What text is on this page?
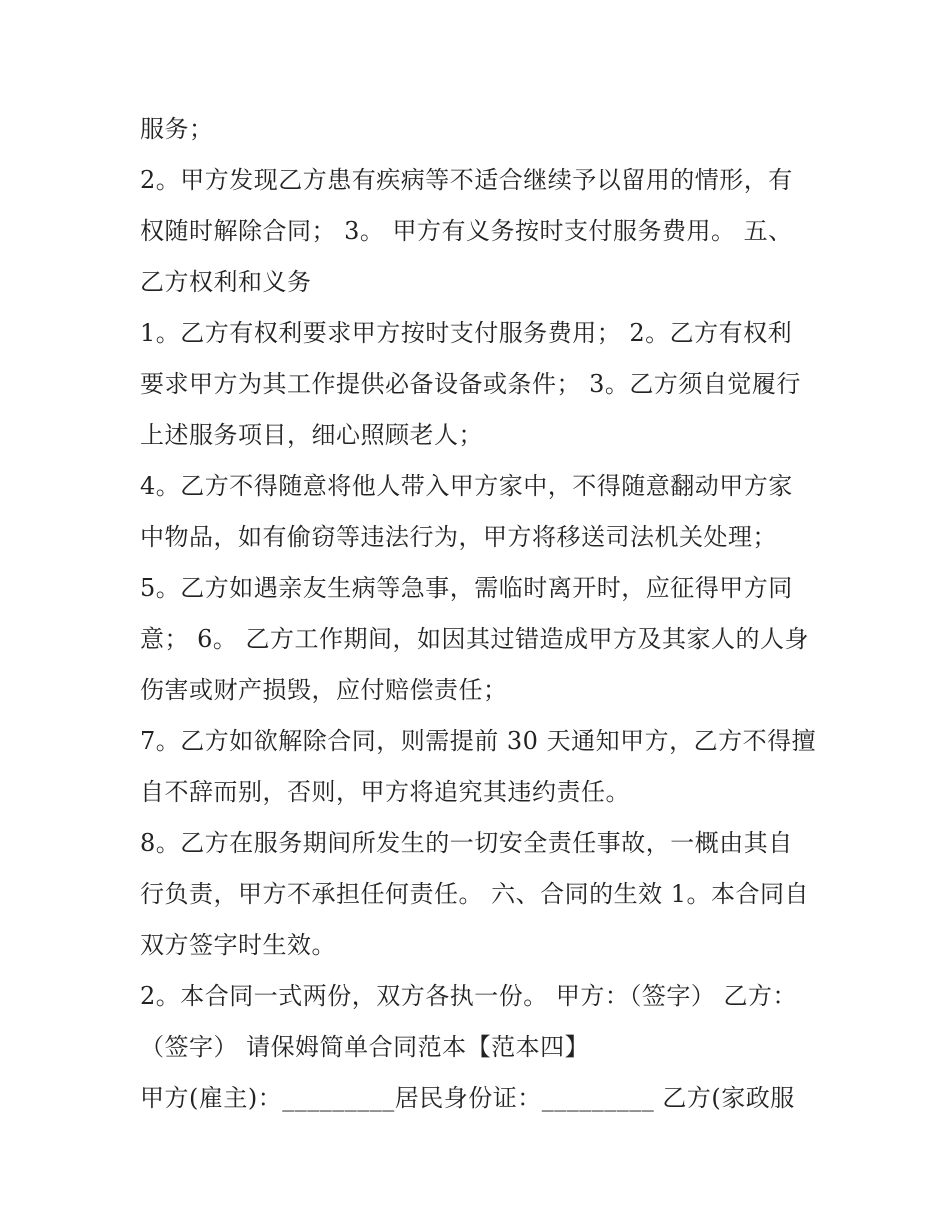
服务；
2。甲方发现乙方患有疾病等不适合继续予以留用的情形，有
权随时解除合同； 3。 甲方有义务按时支付服务费用。 五、
乙方权利和义务
1。乙方有权利要求甲方按时支付服务费用； 2。乙方有权利
要求甲方为其工作提供必备设备或条件； 3。乙方须自觉履行
上述服务项目，细心照顾老人；
4。乙方不得随意将他人带入甲方家中，不得随意翻动甲方家
中物品，如有偷窃等违法行为，甲方将移送司法机关处理；
5。乙方如遇亲友生病等急事，需临时离开时，应征得甲方同
意； 6。 乙方工作期间，如因其过错造成甲方及其家人的人身
伤害或财产损毁，应付赔偿责任；
7。乙方如欲解除合同，则需提前 30 天通知甲方，乙方不得擅
自不辞而别，否则，甲方将追究其违约责任。
8。乙方在服务期间所发生的一切安全责任事故，一概由其自
行负责，甲方不承担任何责任。 六、合同的生效 1。本合同自
双方签字时生效。
2。本合同一式两份，双方各执一份。 甲方：（签字） 乙方：
（签字） 请保姆简单合同范本【范本四】
甲方(雇主)：_________居民身份证：_________ 乙方(家政服
